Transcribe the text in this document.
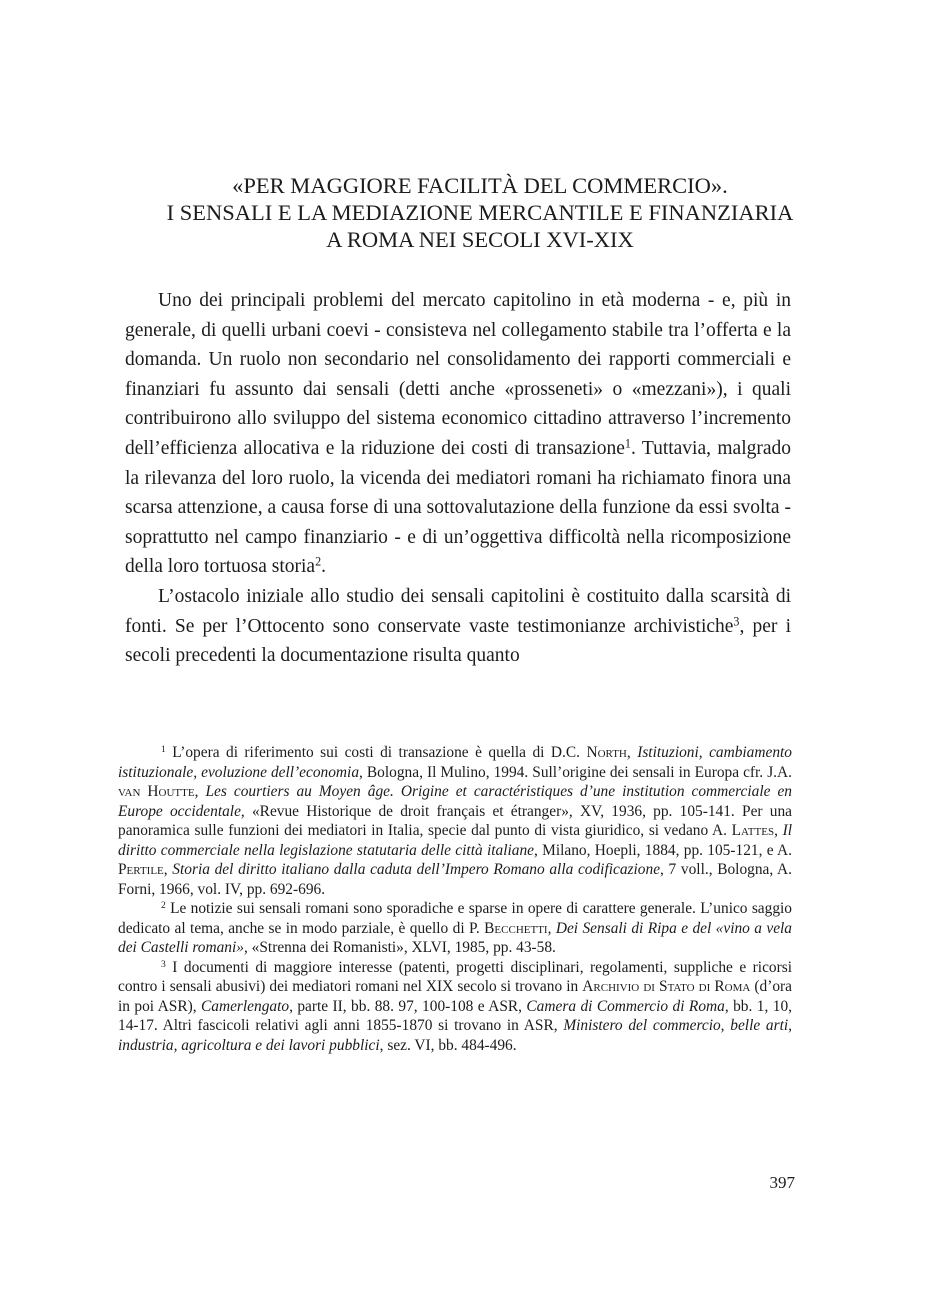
«PER MAGGIORE FACILITÀ DEL COMMERCIO».
I SENSALI E LA MEDIAZIONE MERCANTILE E FINANZIARIA
A ROMA NEI SECOLI XVI-XIX

Uno dei principali problemi del mercato capitolino in età moderna - e, più in generale, di quelli urbani coevi - consisteva nel collegamento stabile tra l’offerta e la domanda. Un ruolo non secondario nel consolidamento dei rapporti commerciali e finanziari fu assunto dai sensali (detti anche «prosseneti» o «mezzani»), i quali contribuirono allo sviluppo del sistema economico cittadino attraverso l’incremento dell’efficienza allocativa e la riduzione dei costi di transazione$^1$. Tuttavia, malgrado la rilevanza del loro ruolo, la vicenda dei mediatori romani ha richiamato finora una scarsa attenzione, a causa forse di una sottovalutazione della funzione da essi svolta - soprattutto nel campo finanziario - e di un’oggettiva difficoltà nella ricomposizione della loro tortuosa storia$^2$.

L’ostacolo iniziale allo studio dei sensali capitolini è costituito dalla scarsità di fonti. Se per l’Ottocento sono conservate vaste testimonianze archivistiche$^3$, per i secoli precedenti la documentazione risulta quanto

$^1$ L’opera di riferimento sui costi di transazione è quella di D.C. North, Istituzioni, cambiamento istituzionale, evoluzione dell’economia, Bologna, Il Mulino, 1994. Sull’origine dei sensali in Europa cfr. J.A. van Houtte, Les courtiers au Moyen âge. Origine et caractéristiques d’une institution commerciale en Europe occidentale, «Revue Historique de droit français et étranger», XV, 1936, pp. 105-141. Per una panoramica sulle funzioni dei mediatori in Italia, specie dal punto di vista giuridico, si vedano A. Lattes, Il diritto commerciale nella legislazione statutaria delle città italiane, Milano, Hoepli, 1884, pp. 105-121, e A. Pertile, Storia del diritto italiano dalla caduta dell’Impero Romano alla codificazione, 7 voll., Bologna, A. Forni, 1966, vol. IV, pp. 692-696.

$^2$ Le notizie sui sensali romani sono sporadiche e sparse in opere di carattere generale. L’unico saggio dedicato al tema, anche se in modo parziale, è quello di P. Becchetti, Dei Sensali di Ripa e del «vino a vela dei Castelli romani», «Strenna dei Romanisti», XLVI, 1985, pp. 43-58.

$^3$ I documenti di maggiore interesse (patenti, progetti disciplinari, regolamenti, suppliche e ricorsi contro i sensali abusivi) dei mediatori romani nel XIX secolo si trovano in Archivio di Stato di Roma (d’ora in poi ASR), Camerlengato, parte II, bb. 88. 97, 100-108 e ASR, Camera di Commercio di Roma, bb. 1, 10, 14-17. Altri fascicoli relativi agli anni 1855-1870 si trovano in ASR, Ministero del commercio, belle arti, industria, agricoltura e dei lavori pubblici, sez. VI, bb. 484-496.

397
